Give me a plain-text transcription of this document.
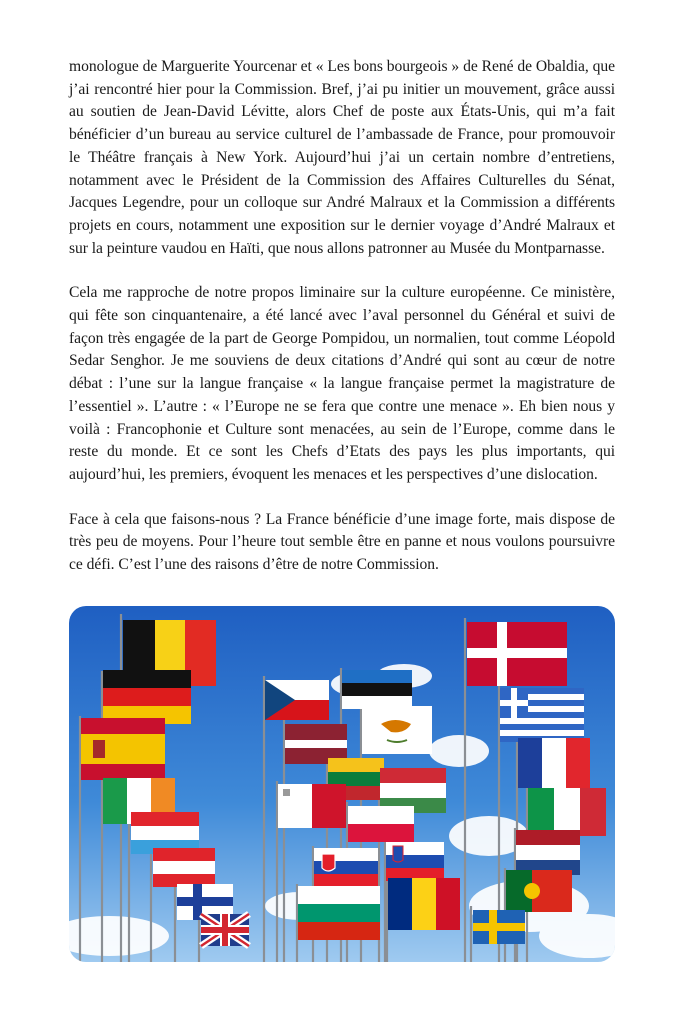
monologue de Marguerite Yourcenar et « Les bons bourgeois » de René de Obaldia, que j’ai rencontré hier pour la Commission. Bref, j’ai pu initier un mouvement, grâce aussi au soutien de Jean-David Lévitte, alors Chef de poste aux États-Unis, qui m’a fait bénéficier d’un bureau au service culturel de l’ambassade de France, pour promouvoir le Théâtre français à New York. Aujourd’hui j’ai un certain nombre d’entretiens, notamment avec le Président de la Commission des Affaires Culturelles du Sénat, Jacques Legendre, pour un colloque sur André Malraux et la Commission a différents projets en cours, notamment une exposition sur le dernier voyage d’André Malraux et sur la peinture vaudou en Haïti, que nous allons patronner au Musée du Montparnasse.

Cela me rapproche de notre propos liminaire sur la culture européenne. Ce ministère, qui fête son cinquantenaire, a été lancé avec l’aval personnel du Général et suivi de façon très engagée de la part de George Pompidou, un normalien, tout comme Léopold Sedar Senghor. Je me souviens de deux citations d’André qui sont au cœur de notre débat : l’une sur la langue française « la langue française permet la magistrature de l’essentiel ». L’autre : « l’Europe ne se fera que contre une menace ». Eh bien nous y voilà : Francophonie et Culture sont menacées, au sein de l’Europe, comme dans le reste du monde. Et ce sont les Chefs d’Etats des pays les plus importants, qui aujourd’hui, les premiers, évoquent les menaces et les perspectives d’une dislocation.

Face à cela que faisons-nous ? La France bénéficie d’une image forte, mais dispose de très peu de moyens. Pour l’heure tout semble être en panne et nous voulons poursuivre ce défi. C’est l’une des raisons d’être de notre Commission.
